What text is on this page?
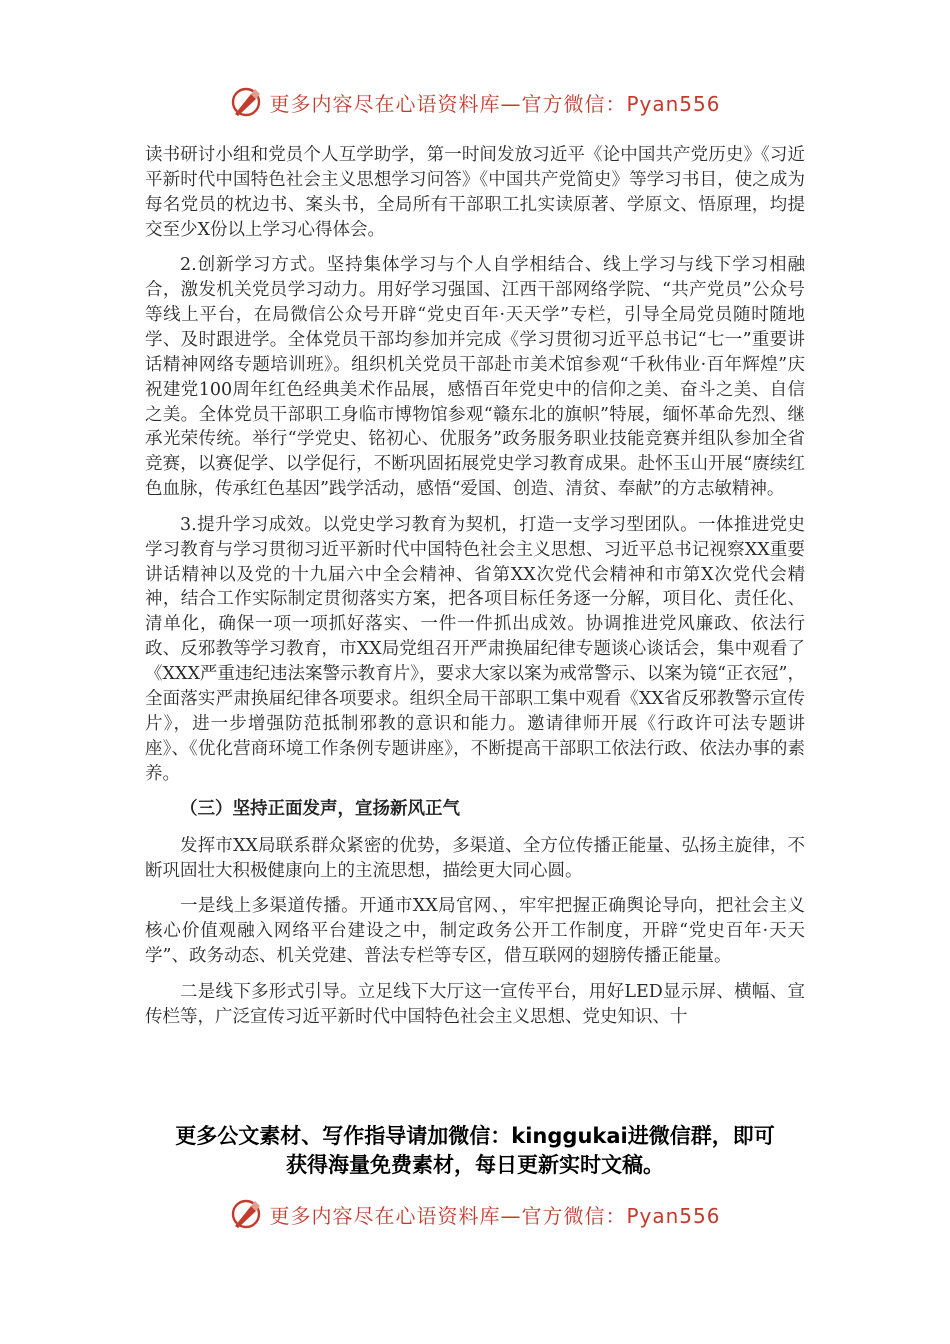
更多内容尽在心语资料库—官方微信：Pyan556

读书研讨小组和党员个人互学助学，第一时间发放习近平《论中国共产党历史》《习近平新时代中国特色社会主义思想学习问答》《中国共产党简史》等学习书目，使之成为每名党员的枕边书、案头书，全局所有干部职工扎实读原著、学原文、悟原理，均提交至少X份以上学习心得体会。

2.创新学习方式。坚持集体学习与个人自学相结合、线上学习与线下学习相融合，激发机关党员学习动力。用好学习强国、江西干部网络学院、“共产党员”公众号等线上平台，在局微信公众号开辟“党史百年·天天学”专栏，引导全局党员随时随地学、及时跟进学。全体党员干部均参加并完成《学习贯彻习近平总书记“七一”重要讲话精神网络专题培训班》。组织机关党员干部赴市美术馆参观“千秋伟业·百年辉煌”庆祝建党100周年红色经典美术作品展，感悟百年党史中的信仰之美、奋斗之美、自信之美。全体党员干部职工身临市博物馆参观“赣东北的旗帜”特展，缅怀革命先烈、继承光荣传统。举行“学党史、铭初心、优服务”政务服务职业技能竞赛并组队参加全省竞赛，以赛促学、以学促行，不断巩固拓展党史学习教育成果。赴怀玉山开展“赓续红色血脉，传承红色基因”践学活动，感悟“爱国、创造、清贫、奉献”的方志敏精神。

3.提升学习成效。以党史学习教育为契机，打造一支学习型团队。一体推进党史学习教育与学习贯彻习近平新时代中国特色社会主义思想、习近平总书记视察XX重要讲话精神以及党的十九届六中全会精神、省第XX次党代会精神和市第X次党代会精神，结合工作实际制定贯彻落实方案，把各项目标任务逐一分解，项目化、责任化、清单化，确保一项一项抓好落实、一件一件抓出成效。协调推进党风廉政、依法行政、反邪教等学习教育，市XX局党组召开严肃换届纪律专题谈心谈话会，集中观看了《XXX严重违纪违法案警示教育片》，要求大家以案为戒常警示、以案为镜“正衣冠”，全面落实严肃换届纪律各项要求。组织全局干部职工集中观看《XX省反邪教警示宣传片》，进一步增强防范抵制邪教的意识和能力。邀请律师开展《行政许可法专题讲座》、《优化营商环境工作条例专题讲座》，不断提高干部职工依法行政、依法办事的素养。

（三）坚持正面发声，宣扬新风正气

发挥市XX局联系群众紧密的优势，多渠道、全方位传播正能量、弘扬主旋律，不断巩固壮大积极健康向上的主流思想，描绘更大同心圆。

一是线上多渠道传播。开通市XX局官网、，牢牢把握正确舆论导向，把社会主义核心价值观融入网络平台建设之中，制定政务公开工作制度，开辟“党史百年·天天学”、政务动态、机关党建、普法专栏等专区，借互联网的翅膀传播正能量。

二是线下多形式引导。立足线下大厅这一宣传平台，用好LED显示屏、横幅、宣传栏等，广泛宣传习近平新时代中国特色社会主义思想、党史知识、十

更多公文素材、写作指导请加微信：kinggukai进微信群，即可
获得海量免费素材，每日更新实时文稿。
更多内容尽在心语资料库—官方微信：Pyan556
